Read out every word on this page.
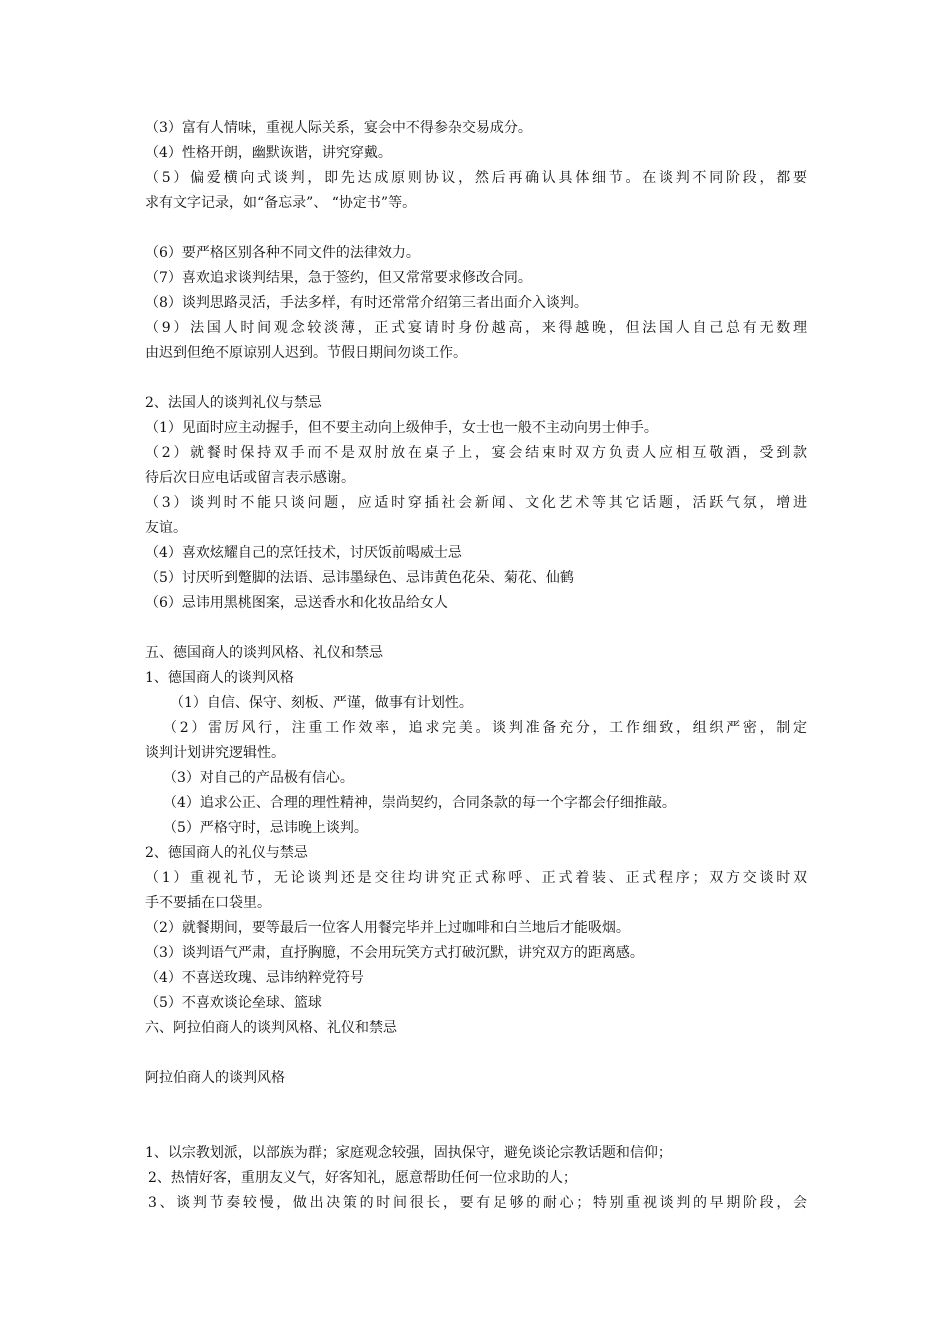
（3）富有人情味，重视人际关系，宴会中不得参杂交易成分。
（4）性格开朗，幽默诙谐，讲究穿戴。
（5）偏爱横向式谈判，即先达成原则协议，然后再确认具体细节。在谈判不同阶段，都要
求有文字记录，如“备忘录”、 “协定书”等。
（6）要严格区别各种不同文件的法律效力。
（7）喜欢追求谈判结果，急于签约，但又常常要求修改合同。
（8）谈判思路灵活，手法多样，有时还常常介绍第三者出面介入谈判。
（9）法国人时间观念较淡薄，正式宴请时身份越高，来得越晚，但法国人自己总有无数理
由迟到但绝不原谅别人迟到。节假日期间勿谈工作。
2、法国人的谈判礼仪与禁忌
（1）见面时应主动握手，但不要主动向上级伸手，女士也一般不主动向男士伸手。
（2）就餐时保持双手而不是双肘放在桌子上，宴会结束时双方负责人应相互敬酒，受到款
待后次日应电话或留言表示感谢。
（3）谈判时不能只谈问题，应适时穿插社会新闻、文化艺术等其它话题，活跃气氛，增进
友谊。
（4）喜欢炫耀自己的烹饪技术，讨厌饭前喝威士忌
（5）讨厌听到蹩脚的法语、忌讳墨绿色、忌讳黄色花朵、菊花、仙鹤
（6）忌讳用黑桃图案，忌送香水和化妆品给女人
五、德国商人的谈判风格、礼仪和禁忌
1、德国商人的谈判风格
（1）自信、保守、刻板、严谨，做事有计划性。
（2）雷厉风行，注重工作效率，追求完美。谈判准备充分，工作细致，组织严密，制定
谈判计划讲究逻辑性。
（3）对自己的产品极有信心。
（4）追求公正、合理的理性精神，崇尚契约，合同条款的每一个字都会仔细推敲。
（5）严格守时，忌讳晚上谈判。
2、德国商人的礼仪与禁忌
（1）重视礼节，无论谈判还是交往均讲究正式称呼、正式着装、正式程序；双方交谈时双
手不要插在口袋里。
（2）就餐期间，要等最后一位客人用餐完毕并上过咖啡和白兰地后才能吸烟。
（3）谈判语气严肃，直抒胸臆，不会用玩笑方式打破沉默，讲究双方的距离感。
（4）不喜送玫瑰、忌讳纳粹党符号
（5）不喜欢谈论垒球、篮球
六、阿拉伯商人的谈判风格、礼仪和禁忌
阿拉伯商人的谈判风格
1、以宗教划派，以部族为群；家庭观念较强，固执保守，避免谈论宗教话题和信仰；
2、热情好客，重朋友义气，好客知礼，愿意帮助任何一位求助的人；
3、谈判节奏较慢，做出决策的时间很长，要有足够的耐心；特别重视谈判的早期阶段，会
